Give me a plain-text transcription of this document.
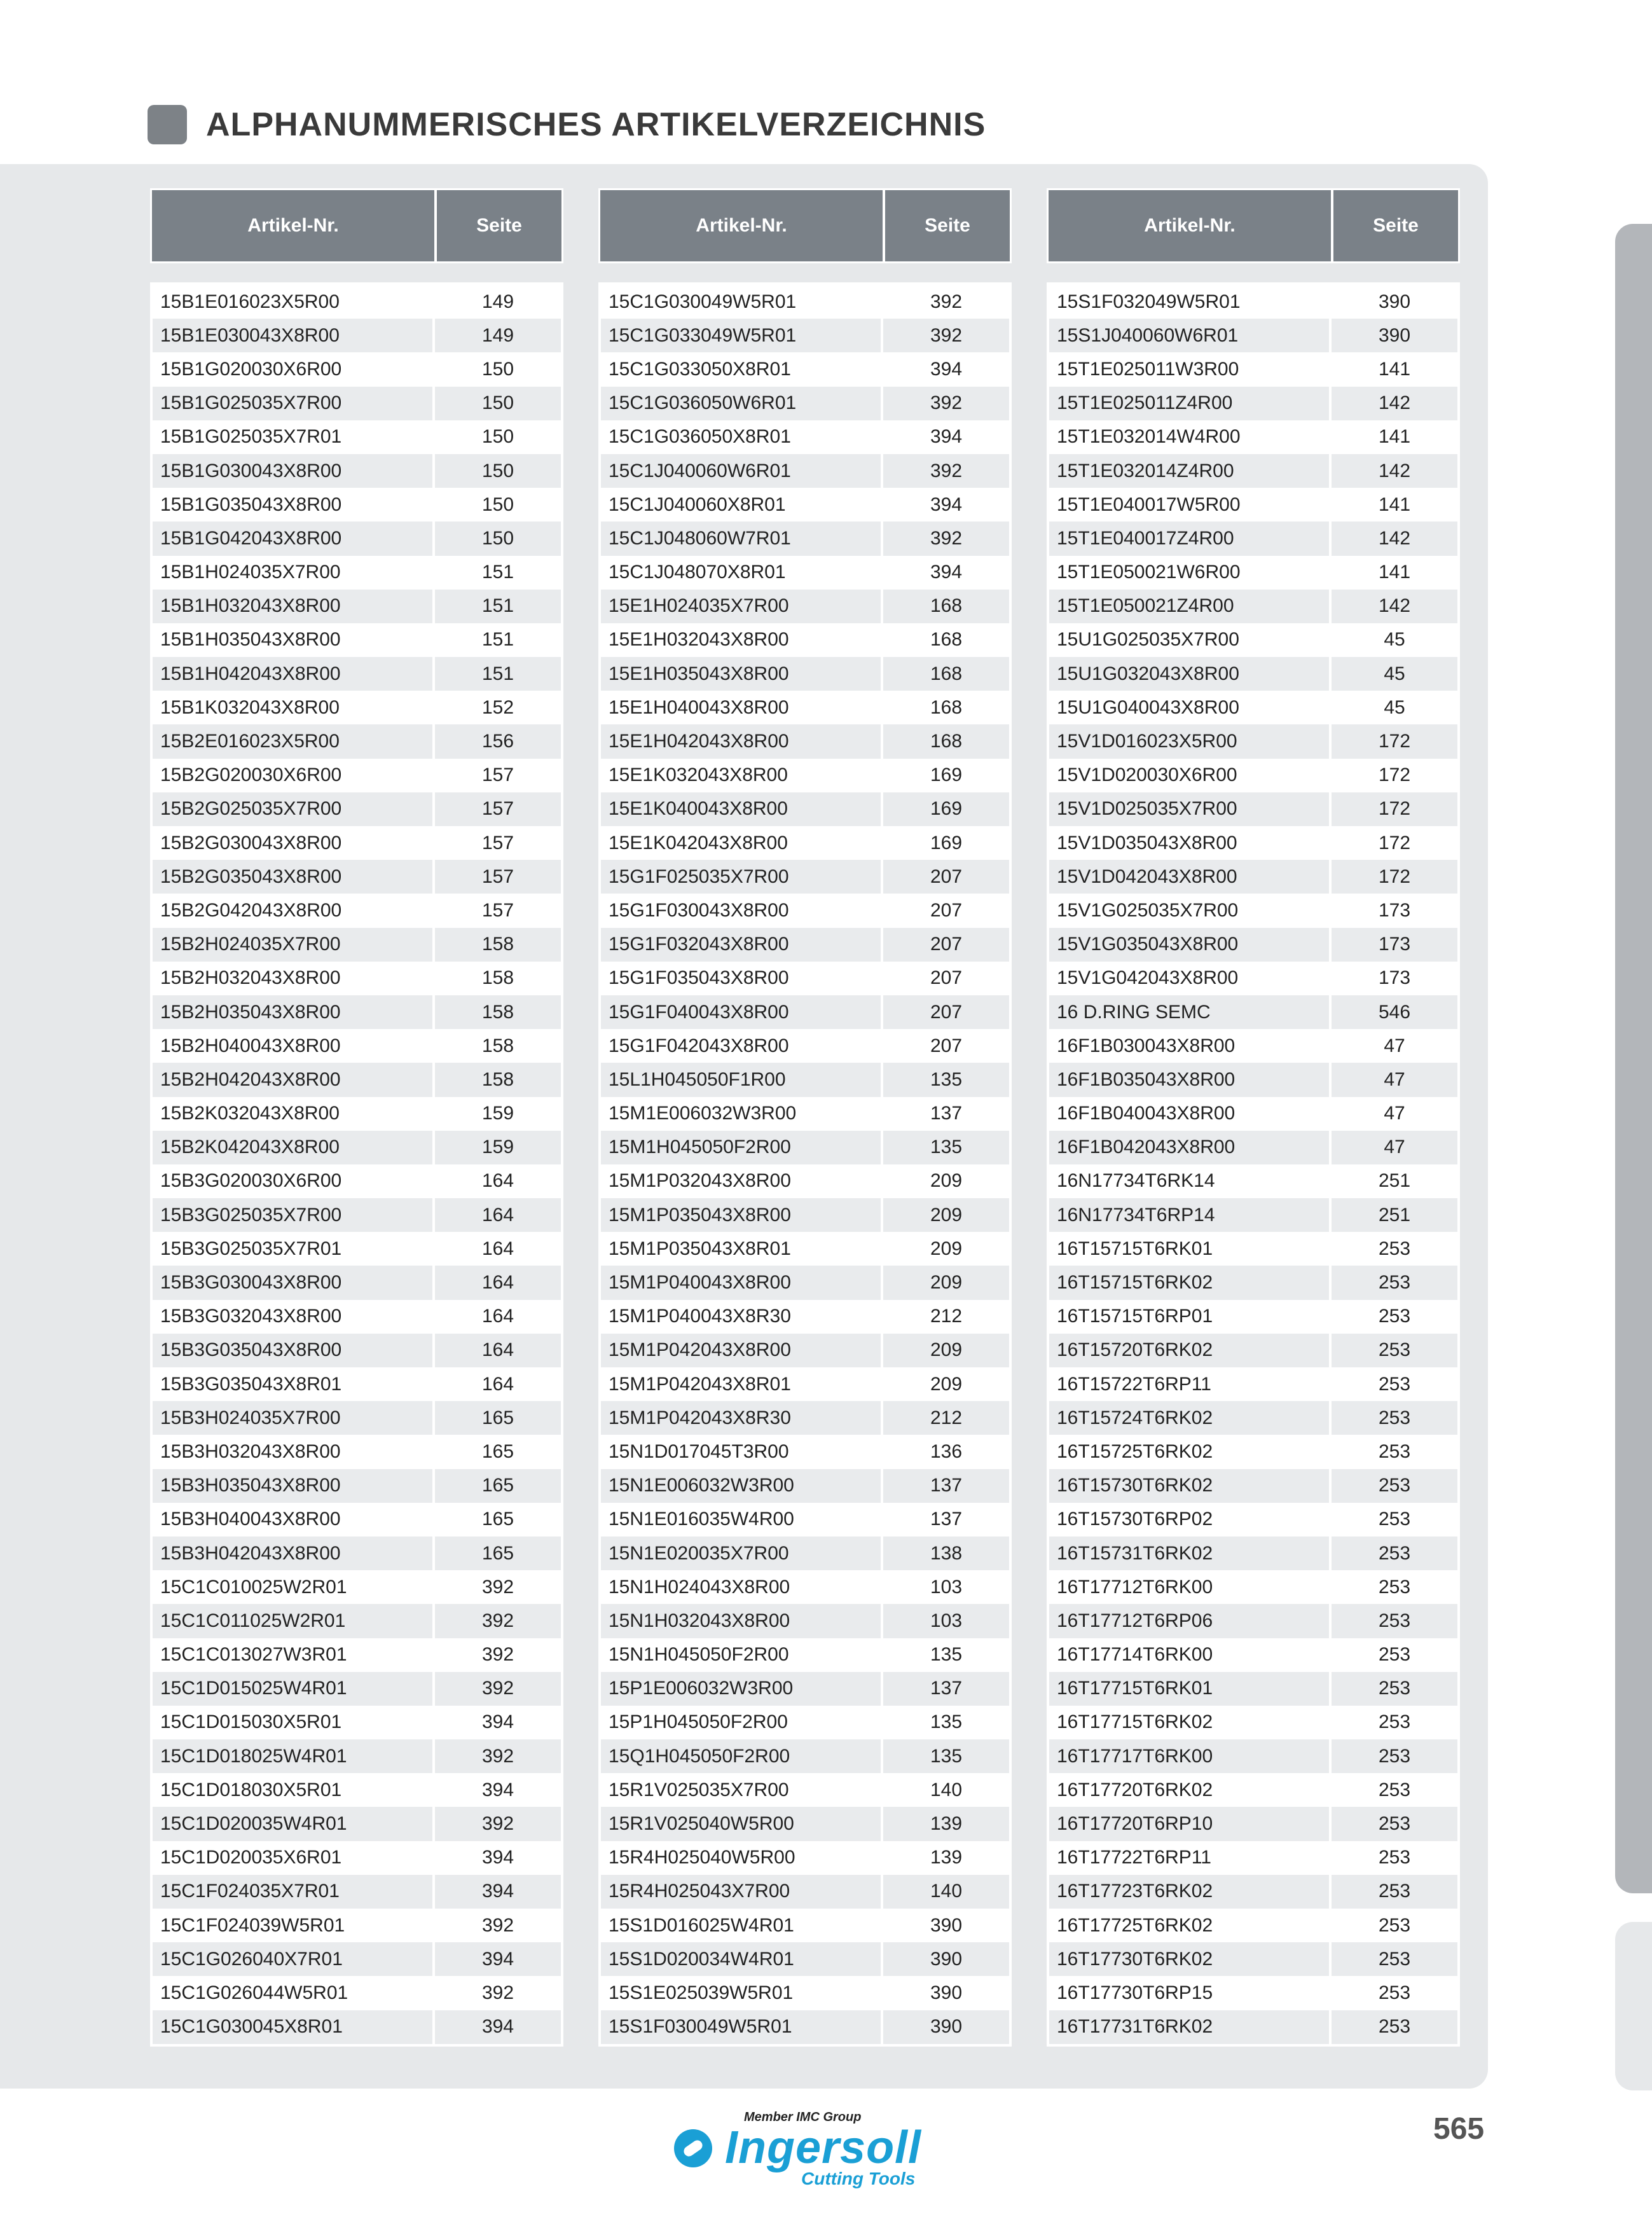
ALPHANUMMERISCHES ARTIKELVERZEICHNIS
Artikel-Nr.	Seite
15B1E016023X5R00	149
15B1E030043X8R00	149
15B1G020030X6R00	150
15B1G025035X7R00	150
15B1G025035X7R01	150
15B1G030043X8R00	150
15B1G035043X8R00	150
15B1G042043X8R00	150
15B1H024035X7R00	151
15B1H032043X8R00	151
15B1H035043X8R00	151
15B1H042043X8R00	151
15B1K032043X8R00	152
15B2E016023X5R00	156
15B2G020030X6R00	157
15B2G025035X7R00	157
15B2G030043X8R00	157
15B2G035043X8R00	157
15B2G042043X8R00	157
15B2H024035X7R00	158
15B2H032043X8R00	158
15B2H035043X8R00	158
15B2H040043X8R00	158
15B2H042043X8R00	158
15B2K032043X8R00	159
15B2K042043X8R00	159
15B3G020030X6R00	164
15B3G025035X7R00	164
15B3G025035X7R01	164
15B3G030043X8R00	164
15B3G032043X8R00	164
15B3G035043X8R00	164
15B3G035043X8R01	164
15B3H024035X7R00	165
15B3H032043X8R00	165
15B3H035043X8R00	165
15B3H040043X8R00	165
15B3H042043X8R00	165
15C1C010025W2R01	392
15C1C011025W2R01	392
15C1C013027W3R01	392
15C1D015025W4R01	392
15C1D015030X5R01	394
15C1D018025W4R01	392
15C1D018030X5R01	394
15C1D020035W4R01	392
15C1D020035X6R01	394
15C1F024035X7R01	394
15C1F024039W5R01	392
15C1G026040X7R01	394
15C1G026044W5R01	392
15C1G030045X8R01	394
Artikel-Nr.	Seite
15C1G030049W5R01	392
15C1G033049W5R01	392
15C1G033050X8R01	394
15C1G036050W6R01	392
15C1G036050X8R01	394
15C1J040060W6R01	392
15C1J040060X8R01	394
15C1J048060W7R01	392
15C1J048070X8R01	394
15E1H024035X7R00	168
15E1H032043X8R00	168
15E1H035043X8R00	168
15E1H040043X8R00	168
15E1H042043X8R00	168
15E1K032043X8R00	169
15E1K040043X8R00	169
15E1K042043X8R00	169
15G1F025035X7R00	207
15G1F030043X8R00	207
15G1F032043X8R00	207
15G1F035043X8R00	207
15G1F040043X8R00	207
15G1F042043X8R00	207
15L1H045050F1R00	135
15M1E006032W3R00	137
15M1H045050F2R00	135
15M1P032043X8R00	209
15M1P035043X8R00	209
15M1P035043X8R01	209
15M1P040043X8R00	209
15M1P040043X8R30	212
15M1P042043X8R00	209
15M1P042043X8R01	209
15M1P042043X8R30	212
15N1D017045T3R00	136
15N1E006032W3R00	137
15N1E016035W4R00	137
15N1E020035X7R00	138
15N1H024043X8R00	103
15N1H032043X8R00	103
15N1H045050F2R00	135
15P1E006032W3R00	137
15P1H045050F2R00	135
15Q1H045050F2R00	135
15R1V025035X7R00	140
15R1V025040W5R00	139
15R4H025040W5R00	139
15R4H025043X7R00	140
15S1D016025W4R01	390
15S1D020034W4R01	390
15S1E025039W5R01	390
15S1F030049W5R01	390
Artikel-Nr.	Seite
15S1F032049W5R01	390
15S1J040060W6R01	390
15T1E025011W3R00	141
15T1E025011Z4R00	142
15T1E032014W4R00	141
15T1E032014Z4R00	142
15T1E040017W5R00	141
15T1E040017Z4R00	142
15T1E050021W6R00	141
15T1E050021Z4R00	142
15U1G025035X7R00	45
15U1G032043X8R00	45
15U1G040043X8R00	45
15V1D016023X5R00	172
15V1D020030X6R00	172
15V1D025035X7R00	172
15V1D035043X8R00	172
15V1D042043X8R00	172
15V1G025035X7R00	173
15V1G035043X8R00	173
15V1G042043X8R00	173
16 D.RING SEMC	546
16F1B030043X8R00	47
16F1B035043X8R00	47
16F1B040043X8R00	47
16F1B042043X8R00	47
16N17734T6RK14	251
16N17734T6RP14	251
16T15715T6RK01	253
16T15715T6RK02	253
16T15715T6RP01	253
16T15720T6RK02	253
16T15722T6RP11	253
16T15724T6RK02	253
16T15725T6RK02	253
16T15730T6RK02	253
16T15730T6RP02	253
16T15731T6RK02	253
16T17712T6RK00	253
16T17712T6RP06	253
16T17714T6RK00	253
16T17715T6RK01	253
16T17715T6RK02	253
16T17717T6RK00	253
16T17720T6RK02	253
16T17720T6RP10	253
16T17722T6RP11	253
16T17723T6RK02	253
16T17725T6RK02	253
16T17730T6RK02	253
16T17730T6RP15	253
16T17731T6RK02	253
Member IMC Group
Ingersoll
Cutting Tools
565
